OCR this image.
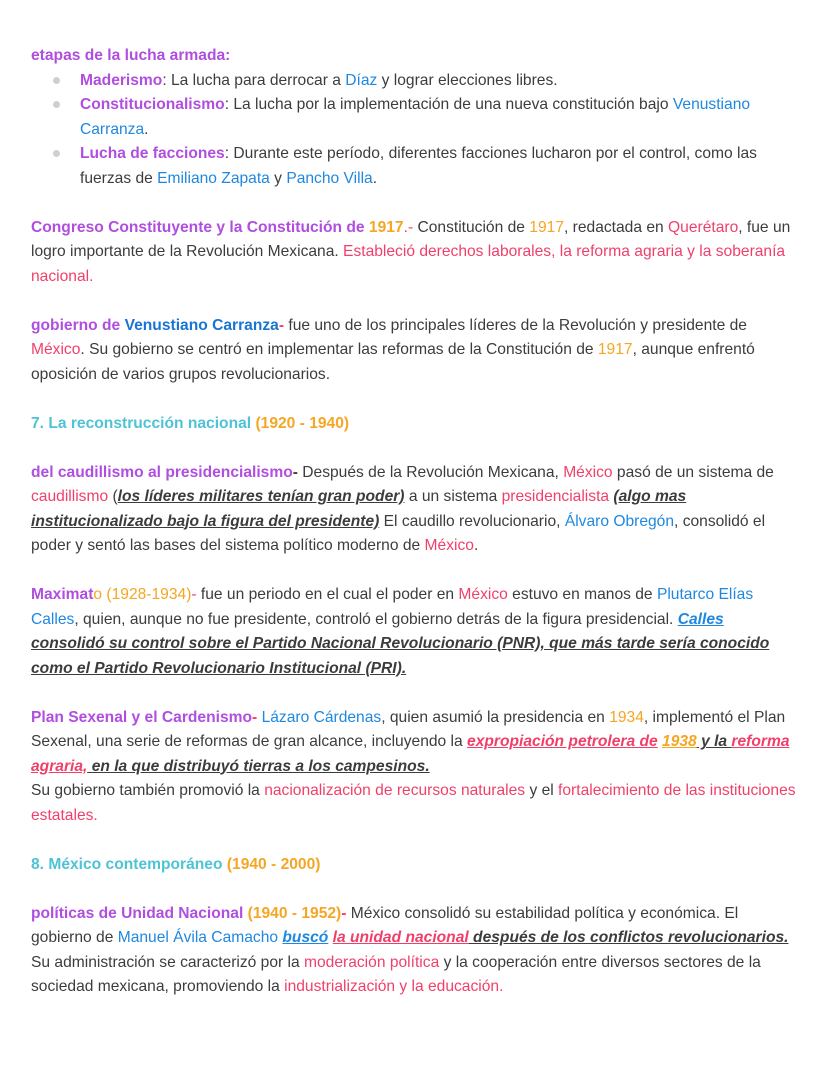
etapas de la lucha armada:

Maderismo: La lucha para derrocar a Díaz y lograr elecciones libres.
Constitucionalismo: La lucha por la implementación de una nueva constitución bajo Venustiano Carranza.
Lucha de facciones: Durante este período, diferentes facciones lucharon por el control, como las fuerzas de Emiliano Zapata y Pancho Villa.

Congreso Constituyente y la Constitución de 1917.- Constitución de 1917, redactada en Querétaro, fue un logro importante de la Revolución Mexicana. Estableció derechos laborales, la reforma agraria y la soberanía nacional.

gobierno de Venustiano Carranza- fue uno de los principales líderes de la Revolución y presidente de México. Su gobierno se centró en implementar las reformas de la Constitución de 1917, aunque enfrentó oposición de varios grupos revolucionarios.

7. La reconstrucción nacional (1920 - 1940)

del caudillismo al presidencialismo- Después de la Revolución Mexicana, México pasó de un sistema de caudillismo (los líderes militares tenían gran poder) a un sistema presidencialista (algo mas institucionalizado bajo la figura del presidente) El caudillo revolucionario, Álvaro Obregón, consolidó el poder y sentó las bases del sistema político moderno de México.

Maximato (1928-1934)- fue un periodo en el cual el poder en México estuvo en manos de Plutarco Elías Calles, quien, aunque no fue presidente, controló el gobierno detrás de la figura presidencial. Calles consolidó su control sobre el Partido Nacional Revolucionario (PNR), que más tarde sería conocido como el Partido Revolucionario Institucional (PRI).

Plan Sexenal y el Cardenismo- Lázaro Cárdenas, quien asumió la presidencia en 1934, implementó el Plan Sexenal, una serie de reformas de gran alcance, incluyendo la expropiación petrolera de 1938 y la reforma agraria, en la que distribuyó tierras a los campesinos.

Su gobierno también promovió la nacionalización de recursos naturales y el fortalecimiento de las instituciones estatales.

8. México contemporáneo (1940 - 2000)

políticas de Unidad Nacional (1940 - 1952)- México consolidó su estabilidad política y económica. El gobierno de Manuel Ávila Camacho buscó la unidad nacional después de los conflictos revolucionarios. Su administración se caracterizó por la moderación política y la cooperación entre diversos sectores de la sociedad mexicana, promoviendo la industrialización y la educación.
